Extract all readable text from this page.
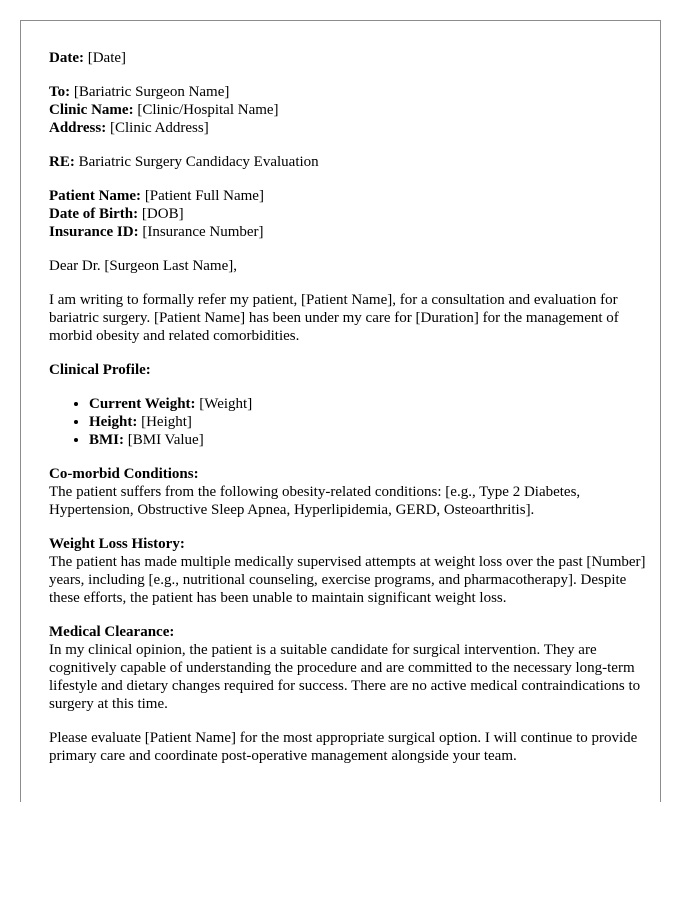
Date: [Date]
To: [Bariatric Surgeon Name]
Clinic Name: [Clinic/Hospital Name]
Address: [Clinic Address]
RE: Bariatric Surgery Candidacy Evaluation
Patient Name: [Patient Full Name]
Date of Birth: [DOB]
Insurance ID: [Insurance Number]

Dear Dr. [Surgeon Last Name],

I am writing to formally refer my patient, [Patient Name], for a consultation and evaluation for bariatric surgery. [Patient Name] has been under my care for [Duration] for the management of morbid obesity and related comorbidities.

Clinical Profile:

• Current Weight: [Weight]
• Height: [Height]
• BMI: [BMI Value]
Co-morbid Conditions:
The patient suffers from the following obesity-related conditions: [e.g., Type 2 Diabetes, Hypertension, Obstructive Sleep Apnea, Hyperlipidemia, GERD, Osteoarthritis].
Weight Loss History:
The patient has made multiple medically supervised attempts at weight loss over the past [Number] years, including [e.g., nutritional counseling, exercise programs, and pharmacotherapy]. Despite these efforts, the patient has been unable to maintain significant weight loss.
Medical Clearance:
In my clinical opinion, the patient is a suitable candidate for surgical intervention. They are cognitively capable of understanding the procedure and are committed to the necessary long-term lifestyle and dietary changes required for success. There are no active medical contraindications to surgery at this time.

Please evaluate [Patient Name] for the most appropriate surgical option. I will continue to provide primary care and coordinate post-operative management alongside your team.
